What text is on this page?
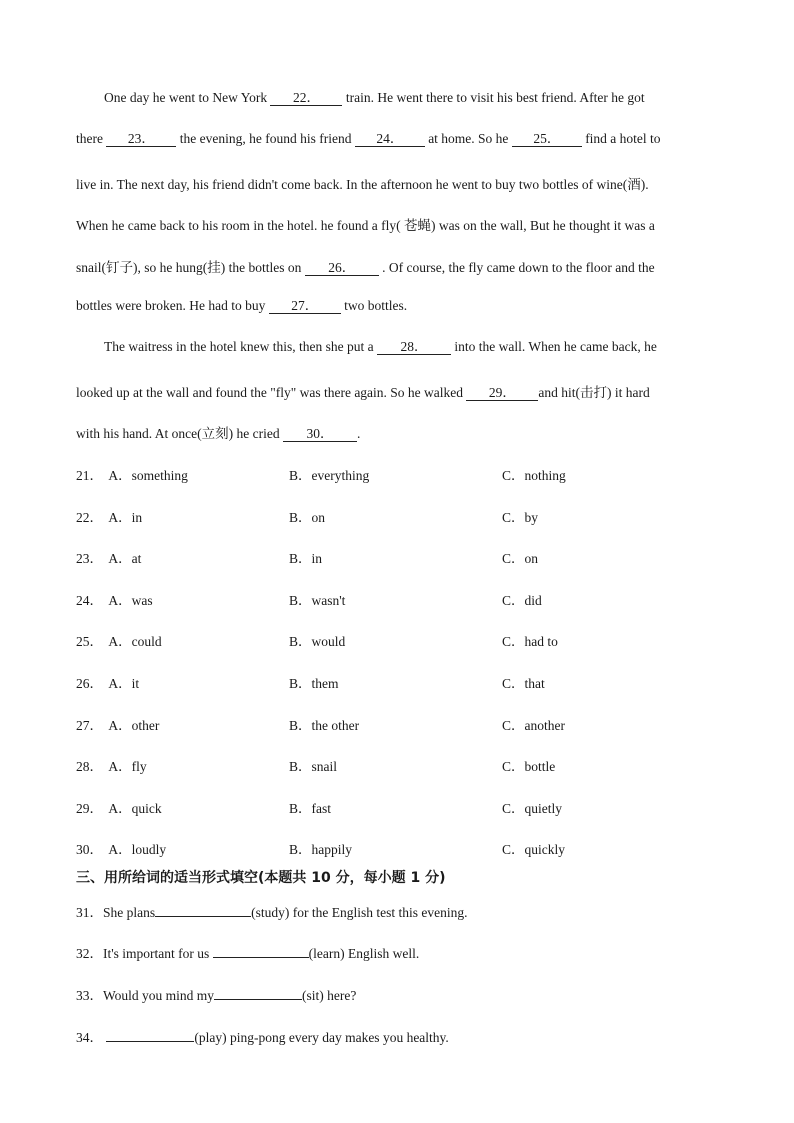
One day he went to New York 22． train. He went there to visit his best friend. After he got
there 23． the evening, he found his friend 24． at home. So he 25． find a hotel to
live in. The next day, his friend didn't come back. In the afternoon he went to buy two bottles of wine(酒).
When he came back to his room in the hotel. he found a fly( 苍蝇) was on the wall, But he thought it was a
snail(钉子), so he hung(挂) the bottles on 26． . Of course, the fly came down to the floor and the
bottles were broken. He had to buy 27． two bottles.
The waitress in the hotel knew this, then she put a 28． into the wall. When he came back, he
looked up at the wall and found the "fly" was there again. So he walked 29． and hit(击打) it hard
with his hand. At once(立刻) he cried 30． .
21． A．something	B．everything	C．nothing
22． A．in	B．on	C．by
23． A．at	B．in	C．on
24． A．was	B．wasn't	C．did
25． A．could	B．would	C．had to
26． A．it	B．them	C．that
27． A．other	B．the other	C．another
28． A．fly	B．snail	C．bottle
29． A．quick	B．fast	C．quietly
30． A．loudly	B．happily	C．quickly
三、用所给词的适当形式填空(本题共 10 分，每小题 1 分)
31．She plans	(study) for the English test this evening.
32．It's important for us	(learn) English well.
33．Would you mind my	(sit) here?
34．	(play) ping-pong every day makes you healthy.
